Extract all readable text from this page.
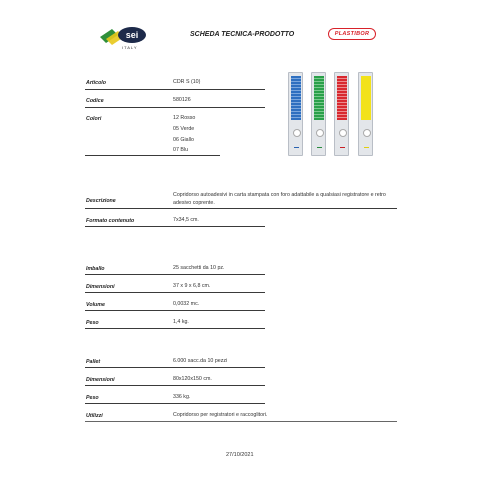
sei
ITALY
SCHEDA TECNICA-PRODOTTO	PLASTIBOR
Articolo	CDR S (10)
Codice	580126
Colori	12 Rosso
05 Verde
06 Giallo
07 Blu
Descrizione
Copridorso autoadesivi in carta stampata con foro adattabile a qualsiasi registratore e retro
adesivo coprente.
Formato contenuto	7x34,5 cm.
Imballo	25 sacchetti da 10 pz.
Dimensioni	37 x 9 x 6,8 cm.
Volume	0,0032 mc.
Peso	1,4 kg.
Pallet	6.000 sacc.da 10 pezzi
Dimensioni	80x120x150 cm.
Peso	336 kg.
Utilizzi	Copridorso per registratori e raccoglitori.
27/10/2021
